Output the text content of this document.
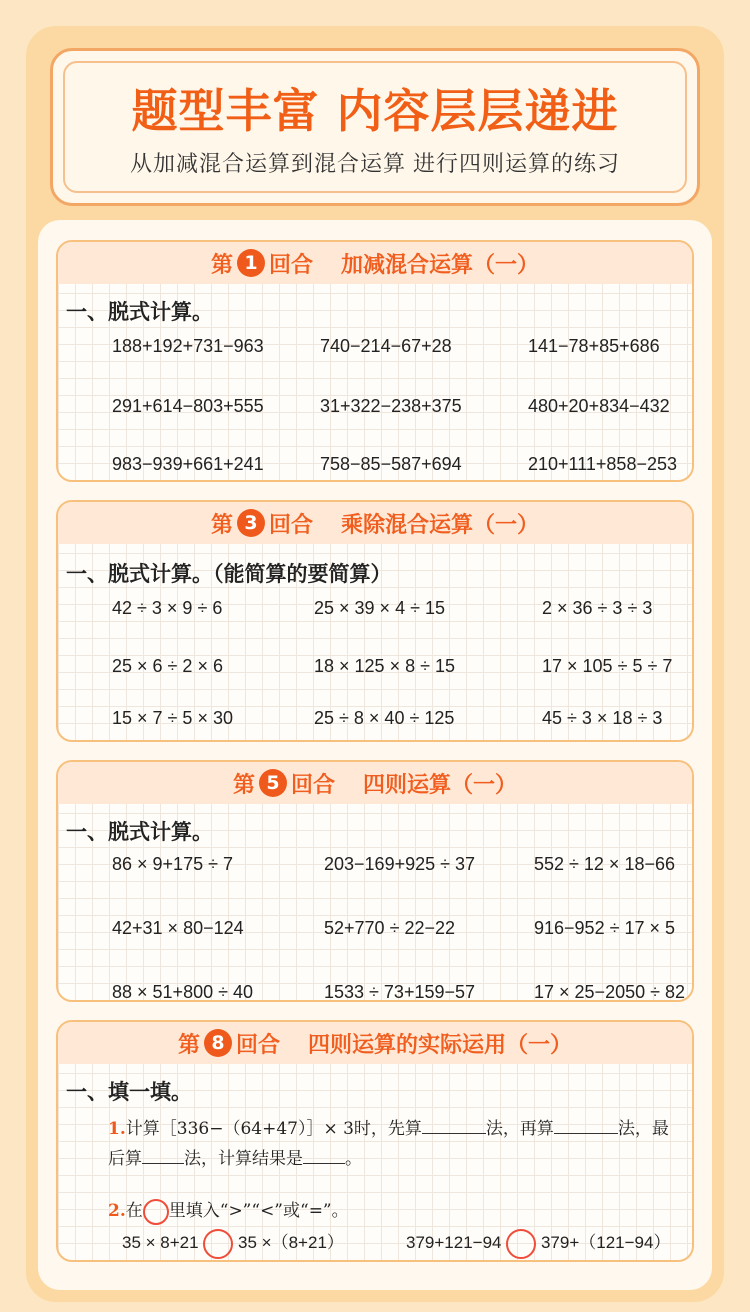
题型丰富 内容层层递进
从加减混合运算到混合运算 进行四则运算的练习
第 1 回合 加减混合运算（一）
一、脱式计算。
188+192+731−963	740−214−67+28	141−78+85+686
291+614−803+555	31+322−238+375	480+20+834−432
983−939+661+241	758−85−587+694	210+111+858−253
第 3 回合 乘除混合运算（一）
一、脱式计算。（能简算的要简算）
42 ÷ 3 × 9 ÷ 6	25 × 39 × 4 ÷ 15	2 × 36 ÷ 3 ÷ 3
25 × 6 ÷ 2 × 6	18 × 125 × 8 ÷ 15	17 × 105 ÷ 5 ÷ 7
15 × 7 ÷ 5 × 30	25 ÷ 8 × 40 ÷ 125	45 ÷ 3 × 18 ÷ 3
第 5 回合 四则运算（一）
一、脱式计算。
86 × 9+175 ÷ 7	203−169+925 ÷ 37	552 ÷ 12 × 18−66
42+31 × 80−124	52+770 ÷ 22−22	916−952 ÷ 17 × 5
88 × 51+800 ÷ 40	1533 ÷ 73+159−57	17 × 25−2050 ÷ 82
第 8 回合 四则运算的实际运用（一）
一、填一填。
1.计算［336−（64+47）］× 3时，先算	法，再算	法，最
后算 法，计算结果是 。
2.在 里填入“>”“<”或“=”。
35 × 8+21 35 ×（8+21）	379+121−94 379+（121−94）
